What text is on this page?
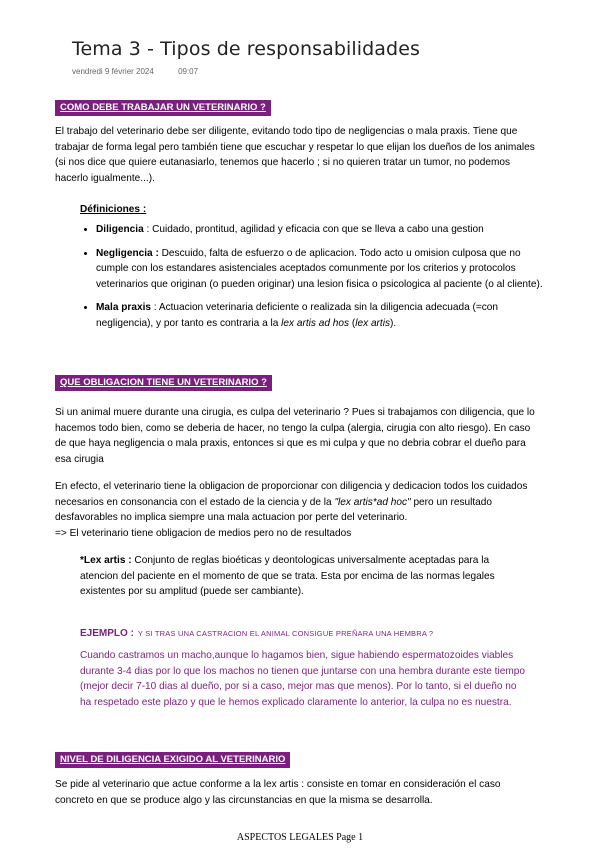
Tema 3 - Tipos de responsabilidades
vendredi 9 février 2024	09:07
COMO DEBE TRABAJAR UN VETERINARIO ?
El trabajo del veterinario debe ser diligente, evitando todo tipo de negligencias o mala praxis. Tiene que trabajar de forma legal pero también tiene que escuchar y respetar lo que elijan los dueños de los animales (si nos dice que quiere eutanasiarlo, tenemos que hacerlo ; si no quieren tratar un tumor, no podemos hacerlo igualmente...).
Définiciones :
• Diligencia : Cuidado, prontitud, agilidad y eficacia con que se lleva a cabo una gestion
• Negligencia : Descuido, falta de esfuerzo o de aplicacion. Todo acto u omision culposa que no cumple con los estandares asistenciales aceptados comunmente por los criterios y protocolos veterinarios que originan (o pueden originar) una lesion fisica o psicologica al paciente (o al cliente).
• Mala praxis : Actuacion veterinaria deficiente o realizada sin la diligencia adecuada (=con negligencia), y por tanto es contraria a la lex artis ad hos (lex artis).
QUE OBLIGACION TIENE UN VETERINARIO ?
Si un animal muere durante una cirugia, es culpa del veterinario ? Pues si trabajamos con diligencia, que lo hacemos todo bien, como se deberia de hacer, no tengo la culpa (alergia, cirugia con alto riesgo). En caso de que haya negligencia o mala praxis, entonces si que es mi culpa y que no debria cobrar el dueño para esa cirugia
En efecto, el veterinario tiene la obligacion de proporcionar con diligencia y dedicacion todos los cuidados necesarios en consonancia con el estado de la ciencia y de la "lex artis*ad hoc" pero un resultado desfavorables no implica siempre una mala actuacion por perte del veterinario.
=> El veterinario tiene obligacion de medios pero no de resultados
*Lex artis : Conjunto de reglas bioéticas y deontologicas universalmente aceptadas para la atencion del paciente en el momento de que se trata. Esta por encima de las normas legales existentes por su amplitud (puede ser cambiante).
EJEMPLO : Y SI TRAS UNA CASTRACION EL ANIMAL CONSIGUE PREÑARA UNA HEMBRA ?
Cuando castramos un macho,aunque lo hagamos bien, sigue habiendo espermatozoides viables durante 3-4 dias por lo que los machos no tienen que juntarse con una hembra durante este tiempo (mejor decir 7-10 dias al dueño, por si a caso, mejor mas que menos). Por lo tanto, si el dueño no ha respetado este plazo y que le hemos explicado claramente lo anterior, la culpa no es nuestra.
NIVEL DE DILIGENCIA EXIGIDO AL VETERINARIO
Se pide al veterinario que actue conforme a la lex artis : consiste en tomar en consideración el caso concreto en que se produce algo y las circunstancias en que la misma se desarrolla.
ASPECTOS LEGALES Page 1
